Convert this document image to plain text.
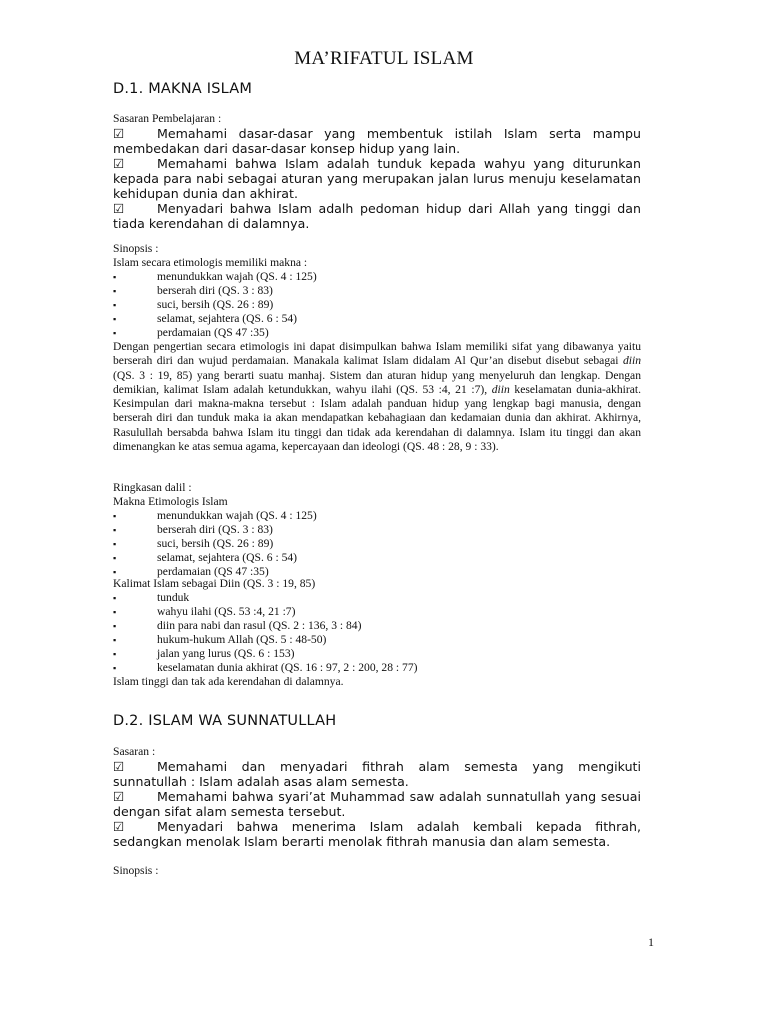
MA’RIFATUL ISLAM
D.1. MAKNA ISLAM
Sasaran Pembelajaran :
☑	Memahami dasar-dasar yang membentuk istilah Islam serta mampu membedakan dari dasar-dasar konsep hidup yang lain.
☑	Memahami bahwa Islam adalah tunduk kepada wahyu yang diturunkan kepada para nabi sebagai aturan yang merupakan jalan lurus menuju keselamatan kehidupan dunia dan akhirat.
☑	Menyadari bahwa Islam adalh pedoman hidup dari Allah yang tinggi dan tiada kerendahan di dalamnya.
Sinopsis :
Islam secara etimologis memiliki makna :
▪	menundukkan wajah (QS. 4 : 125)
▪	berserah diri (QS. 3 : 83)
▪	suci, bersih (QS. 26 : 89)
▪	selamat, sejahtera (QS. 6 : 54)
▪	perdamaian (QS 47 :35)
Dengan pengertian secara etimologis ini dapat disimpulkan bahwa Islam memiliki sifat yang dibawanya yaitu berserah diri dan wujud perdamaian. Manakala kalimat Islam didalam Al Qur’an disebut disebut sebagai diin (QS. 3 : 19, 85) yang berarti suatu manhaj. Sistem dan aturan hidup yang menyeluruh dan lengkap. Dengan demikian, kalimat Islam adalah ketundukkan, wahyu ilahi (QS. 53 :4, 21 :7), diin keselamatan dunia-akhirat. Kesimpulan dari makna-makna tersebut : Islam adalah panduan hidup yang lengkap bagi manusia, dengan berserah diri dan tunduk maka ia akan mendapatkan kebahagiaan dan kedamaian dunia dan akhirat. Akhirnya, Rasulullah bersabda bahwa Islam itu tinggi dan tidak ada kerendahan di dalamnya. Islam itu tinggi dan akan dimenangkan ke atas semua agama, kepercayaan dan ideologi (QS. 48 : 28, 9 : 33).
Ringkasan dalil :
Makna Etimologis Islam
▪	menundukkan wajah (QS. 4 : 125)
▪	berserah diri (QS. 3 : 83)
▪	suci, bersih (QS. 26 : 89)
▪	selamat, sejahtera (QS. 6 : 54)
▪	perdamaian (QS 47 :35)
Kalimat Islam sebagai Diin (QS. 3 : 19, 85)
▪	tunduk
▪	wahyu ilahi (QS. 53 :4, 21 :7)
▪	diin para nabi dan rasul (QS. 2 : 136, 3 : 84)
▪	hukum-hukum Allah (QS. 5 : 48-50)
▪	jalan yang lurus (QS. 6 : 153)
▪	keselamatan dunia akhirat (QS. 16 : 97, 2 : 200, 28 : 77)
Islam tinggi dan tak ada kerendahan di dalamnya.
D.2. ISLAM WA SUNNATULLAH
Sasaran :
☑	Memahami dan menyadari fithrah alam semesta yang mengikuti sunnatullah : Islam adalah asas alam semesta.
☑	Memahami bahwa syari’at Muhammad saw adalah sunnatullah yang sesuai dengan sifat alam semesta tersebut.
☑	Menyadari bahwa menerima Islam adalah kembali kepada fithrah, sedangkan menolak Islam berarti menolak fithrah manusia dan alam semesta.
Sinopsis :
1
